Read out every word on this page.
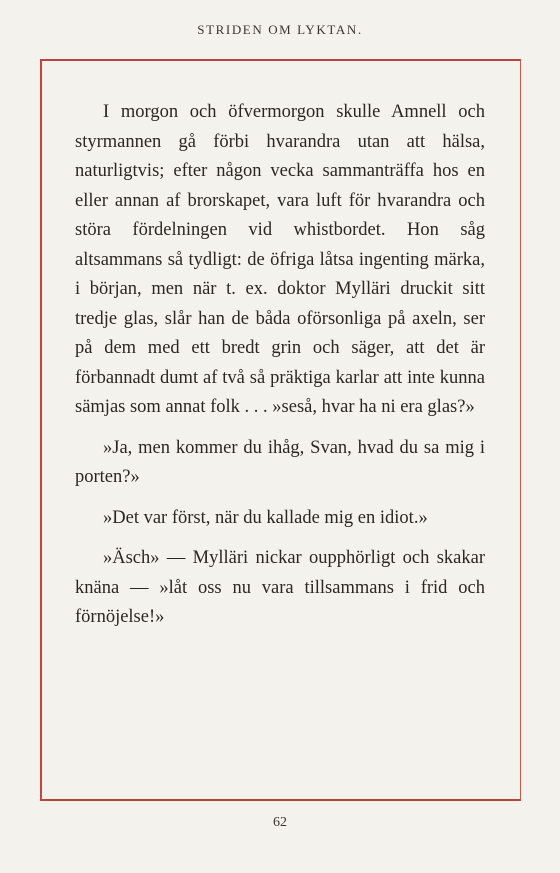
STRIDEN OM LYKTAN.

I morgon och öfvermorgon skulle Amnell och styrmannen gå förbi hvarandra utan att hälsa, naturligtvis; efter någon vecka sammanträffa hos en eller annan af brorskapet, vara luft för hvarandra och störa fördelningen vid whistbordet. Hon såg altsammans så tydligt: de öfriga låtsa ingenting märka, i början, men när t. ex. doktor Mylläri druckit sitt tredje glas, slår han de båda oförsonliga på axeln, ser på dem med ett bredt grin och säger, att det är förbannadt dumt af två så präktiga karlar att inte kunna sämjas som annat folk . . . »seså, hvar ha ni era glas?»

»Ja, men kommer du ihåg, Svan, hvad du sa mig i porten?»

»Det var först, när du kallade mig en idiot.»

»Äsch» — Mylläri nickar oupphörligt och skakar knäna — »låt oss nu vara tillsammans i frid och förnöjelse!»

62
